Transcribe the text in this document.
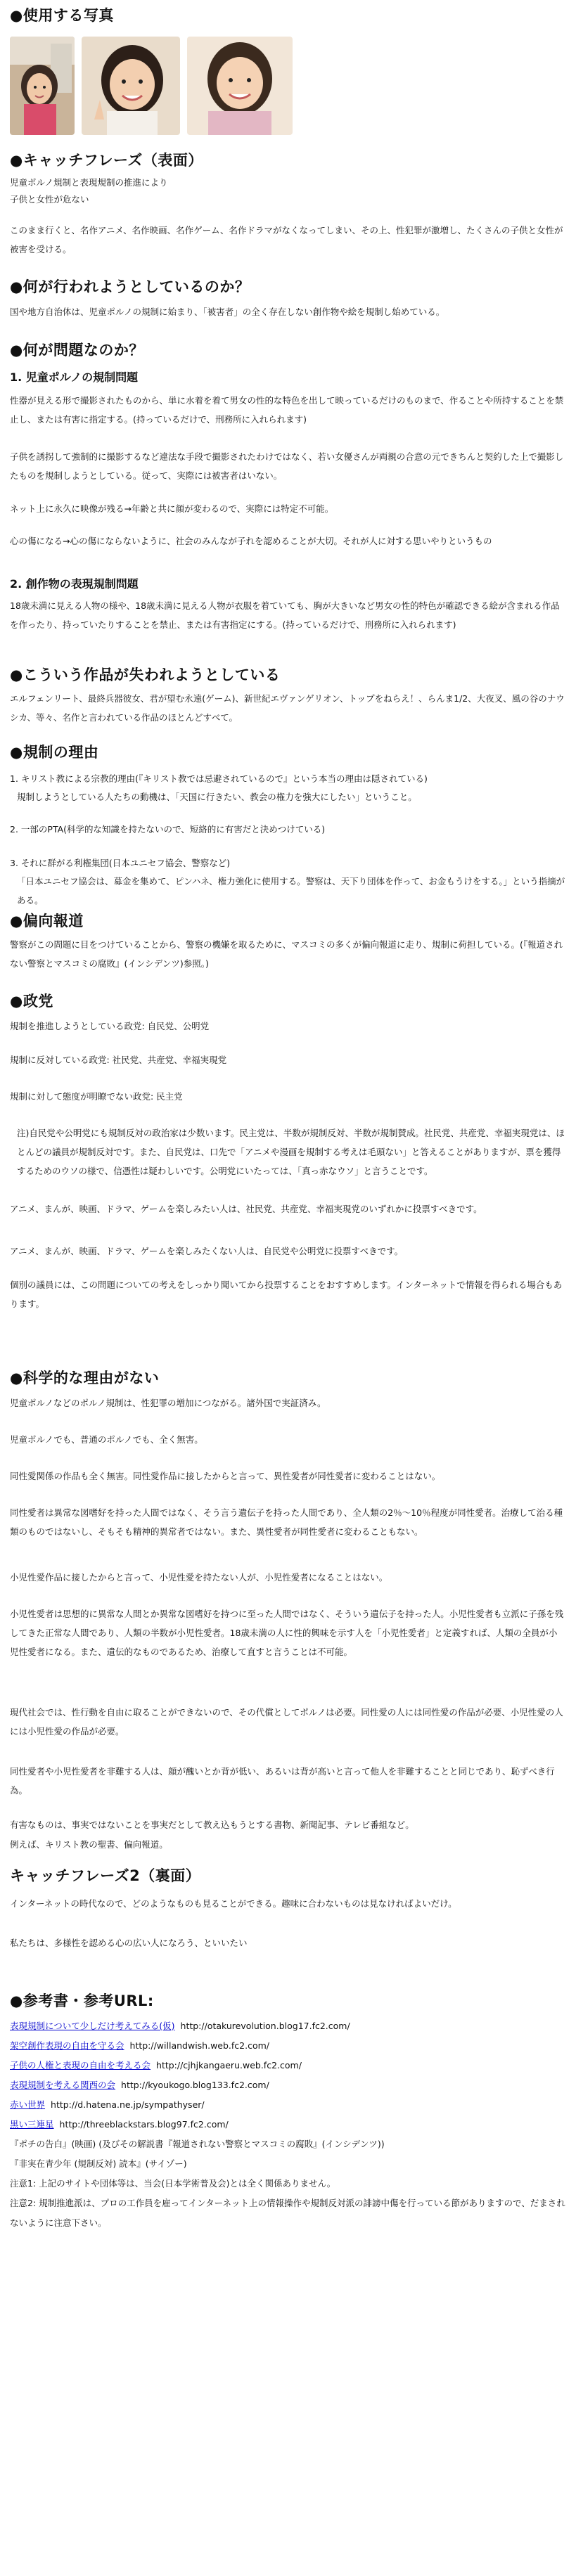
●使用する写真
●キャッチフレーズ（表面）
児童ポルノ規制と表現規制の推進により
子供と女性が危ない
このまま行くと、名作アニメ、名作映画、名作ゲーム、名作ドラマがなくなってしまい、その上、性犯罪が激増し、たくさんの子供と女性が被害を受ける。
●何が行われようとしているのか？
国や地方自治体は、児童ポルノの規制に始まり、「被害者」の全く存在しない創作物や絵を規制し始めている。
●何が問題なのか？
1. 児童ポルノの規制問題
性器が見える形で撮影されたものから、単に水着を着て男女の性的な特色を出して映っているだけのものまで、作ることや所持することを禁止し、または有害に指定する。(持っているだけで、刑務所に入れられます)
子供を誘拐して強制的に撮影するなど違法な手段で撮影されたわけではなく、若い女優さんが両親の合意の元できちんと契約した上で撮影したものを規制しようとしている。従って、実際には被害者はいない。
ネット上に永久に映像が残る→年齢と共に顔が変わるので、実際には特定不可能。
心の傷になる→心の傷にならないように、社会のみんなが子れを認めることが大切。それが人に対する思いやりというもの
2. 創作物の表現規制問題
18歳未満に見える人物の様や、18歳未満に見える人物が衣服を着ていても、胸が大きいなど男女の性的特色が確認できる絵が含まれる作品を作ったり、持っていたりすることを禁止、または有害指定にする。(持っているだけで、刑務所に入れられます)
●こういう作品が失われようとしている
エルフェンリート、最終兵器彼女、君が望む永遠(ゲーム)、新世紀エヴァンゲリオン、トップをねらえ！、らんま1/2、大夜叉、風の谷のナウシカ、等々、名作と言われている作品のほとんどすべて。
●規制の理由
1. キリスト教による宗教的理由(『キリスト教では忌避されているので』という本当の理由は隠されている)
規制しようとしている人たちの動機は、「天国に行きたい、教会の権力を強大にしたい」ということ。
2. 一部のPTA(科学的な知識を持たないので、短絡的に有害だと決めつけている)
3. それに群がる利権集団(日本ユニセフ協会、警察など)
「日本ユニセフ協会は、募金を集めて、ピンハネ、権力強化に使用する。警察は、天下り団体を作って、お金もうけをする。」という指摘がある。
●偏向報道
警察がこの問題に目をつけていることから、警察の機嫌を取るために、マスコミの多くが偏向報道に走り、規制に荷担している。(『報道されない警察とマスコミの腐敗』(インシデンツ)参照。)
●政党
規制を推進しようとしている政党: 自民党、公明党
規制に反対している政党: 社民党、共産党、幸福実現党
規制に対して態度が明瞭でない政党: 民主党
注)自民党や公明党にも規制反対の政治家は少数います。民主党は、半数が規制反対、半数が規制賛成。社民党、共産党、幸福実現党は、ほとんどの議員が規制反対です。また、自民党は、口先で「アニメや漫画を規制する考えは毛頭ない」と答えることがありますが、票を獲得するためのウソの様で、信憑性は疑わしいです。公明党にいたっては、「真っ赤なウソ」と言うことです。
アニメ、まんが、映画、ドラマ、ゲームを楽しみたい人は、社民党、共産党、幸福実現党のいずれかに投票すべきです。
アニメ、まんが、映画、ドラマ、ゲームを楽しみたくない人は、自民党や公明党に投票すべきです。
個別の議員には、この問題についての考えをしっかり聞いてから投票することをおすすめします。インターネットで情報を得られる場合もあります。
●科学的な理由がない
児童ポルノなどのポルノ規制は、性犯罪の増加につながる。諸外国で実証済み。
児童ポルノでも、普通のポルノでも、全く無害。
同性愛関係の作品も全く無害。同性愛作品に接したからと言って、異性愛者が同性愛者に変わることはない。
同性愛者は異常な図嗜好を持った人間ではなく、そう言う遺伝子を持った人間であり、全人類の2％～10％程度が同性愛者。治療して治る種類のものではないし、そもそも精神的異常者ではない。また、異性愛者が同性愛者に変わることもない。
小児性愛作品に接したからと言って、小児性愛を持たない人が、小児性愛者になることはない。
小児性愛者は思想的に異常な人間とか異常な図嗜好を持つに至った人間ではなく、そういう遺伝子を持った人。小児性愛者も立派に子孫を残してきた正常な人間であり、人類の半数が小児性愛者。18歳未満の人に性的興味を示す人を「小児性愛者」と定義すれば、人類の全員が小児性愛者になる。また、遺伝的なものであるため、治療して直すと言うことは不可能。
現代社会では、性行動を自由に取ることができないので、その代償としてポルノは必要。同性愛の人には同性愛の作品が必要、小児性愛の人には小児性愛の作品が必要。
同性愛者や小児性愛者を非難する人は、顔が醜いとか背が低い、あるいは背が高いと言って他人を非難することと同じであり、恥ずべき行為。
有害なものは、事実ではないことを事実だとして教え込もうとする書物、新聞記事、テレビ番組など。
例えば、キリスト教の聖書、偏向報道。
キャッチフレーズ2（裏面）
インターネットの時代なので、どのようなものも見ることができる。趣味に合わないものは見なければよいだけ。
私たちは、多様性を認める心の広い人になろう、といいたい
●参考書・参考URL:
表現規制について少しだけ考えてみる(仮) http://otakurevolution.blog17.fc2.com/
架空創作表現の自由を守る会 http://willandwish.web.fc2.com/
子供の人権と表現の自由を考える会 http://cjhjkangaeru.web.fc2.com/
表現規制を考える関西の会 http://kyoukogo.blog133.fc2.com/
赤い世界 http://d.hatena.ne.jp/sympathyser/
黒い三連星 http://threeblackstars.blog97.fc2.com/
『ポチの告白』(映画) (及びその解説書『報道されない警察とマスコミの腐敗』(インシデンツ))
『非実在青少年 (規制反対) 読本』(サイゾー)
注意1: 上記のサイトや団体等は、当会(日本学術普及会)とは全く関係ありません。
注意2: 規制推進派は、プロの工作員を雇ってインターネット上の情報操作や規制反対派の誹謗中傷を行っている節がありますので、だまされないように注意下さい。
